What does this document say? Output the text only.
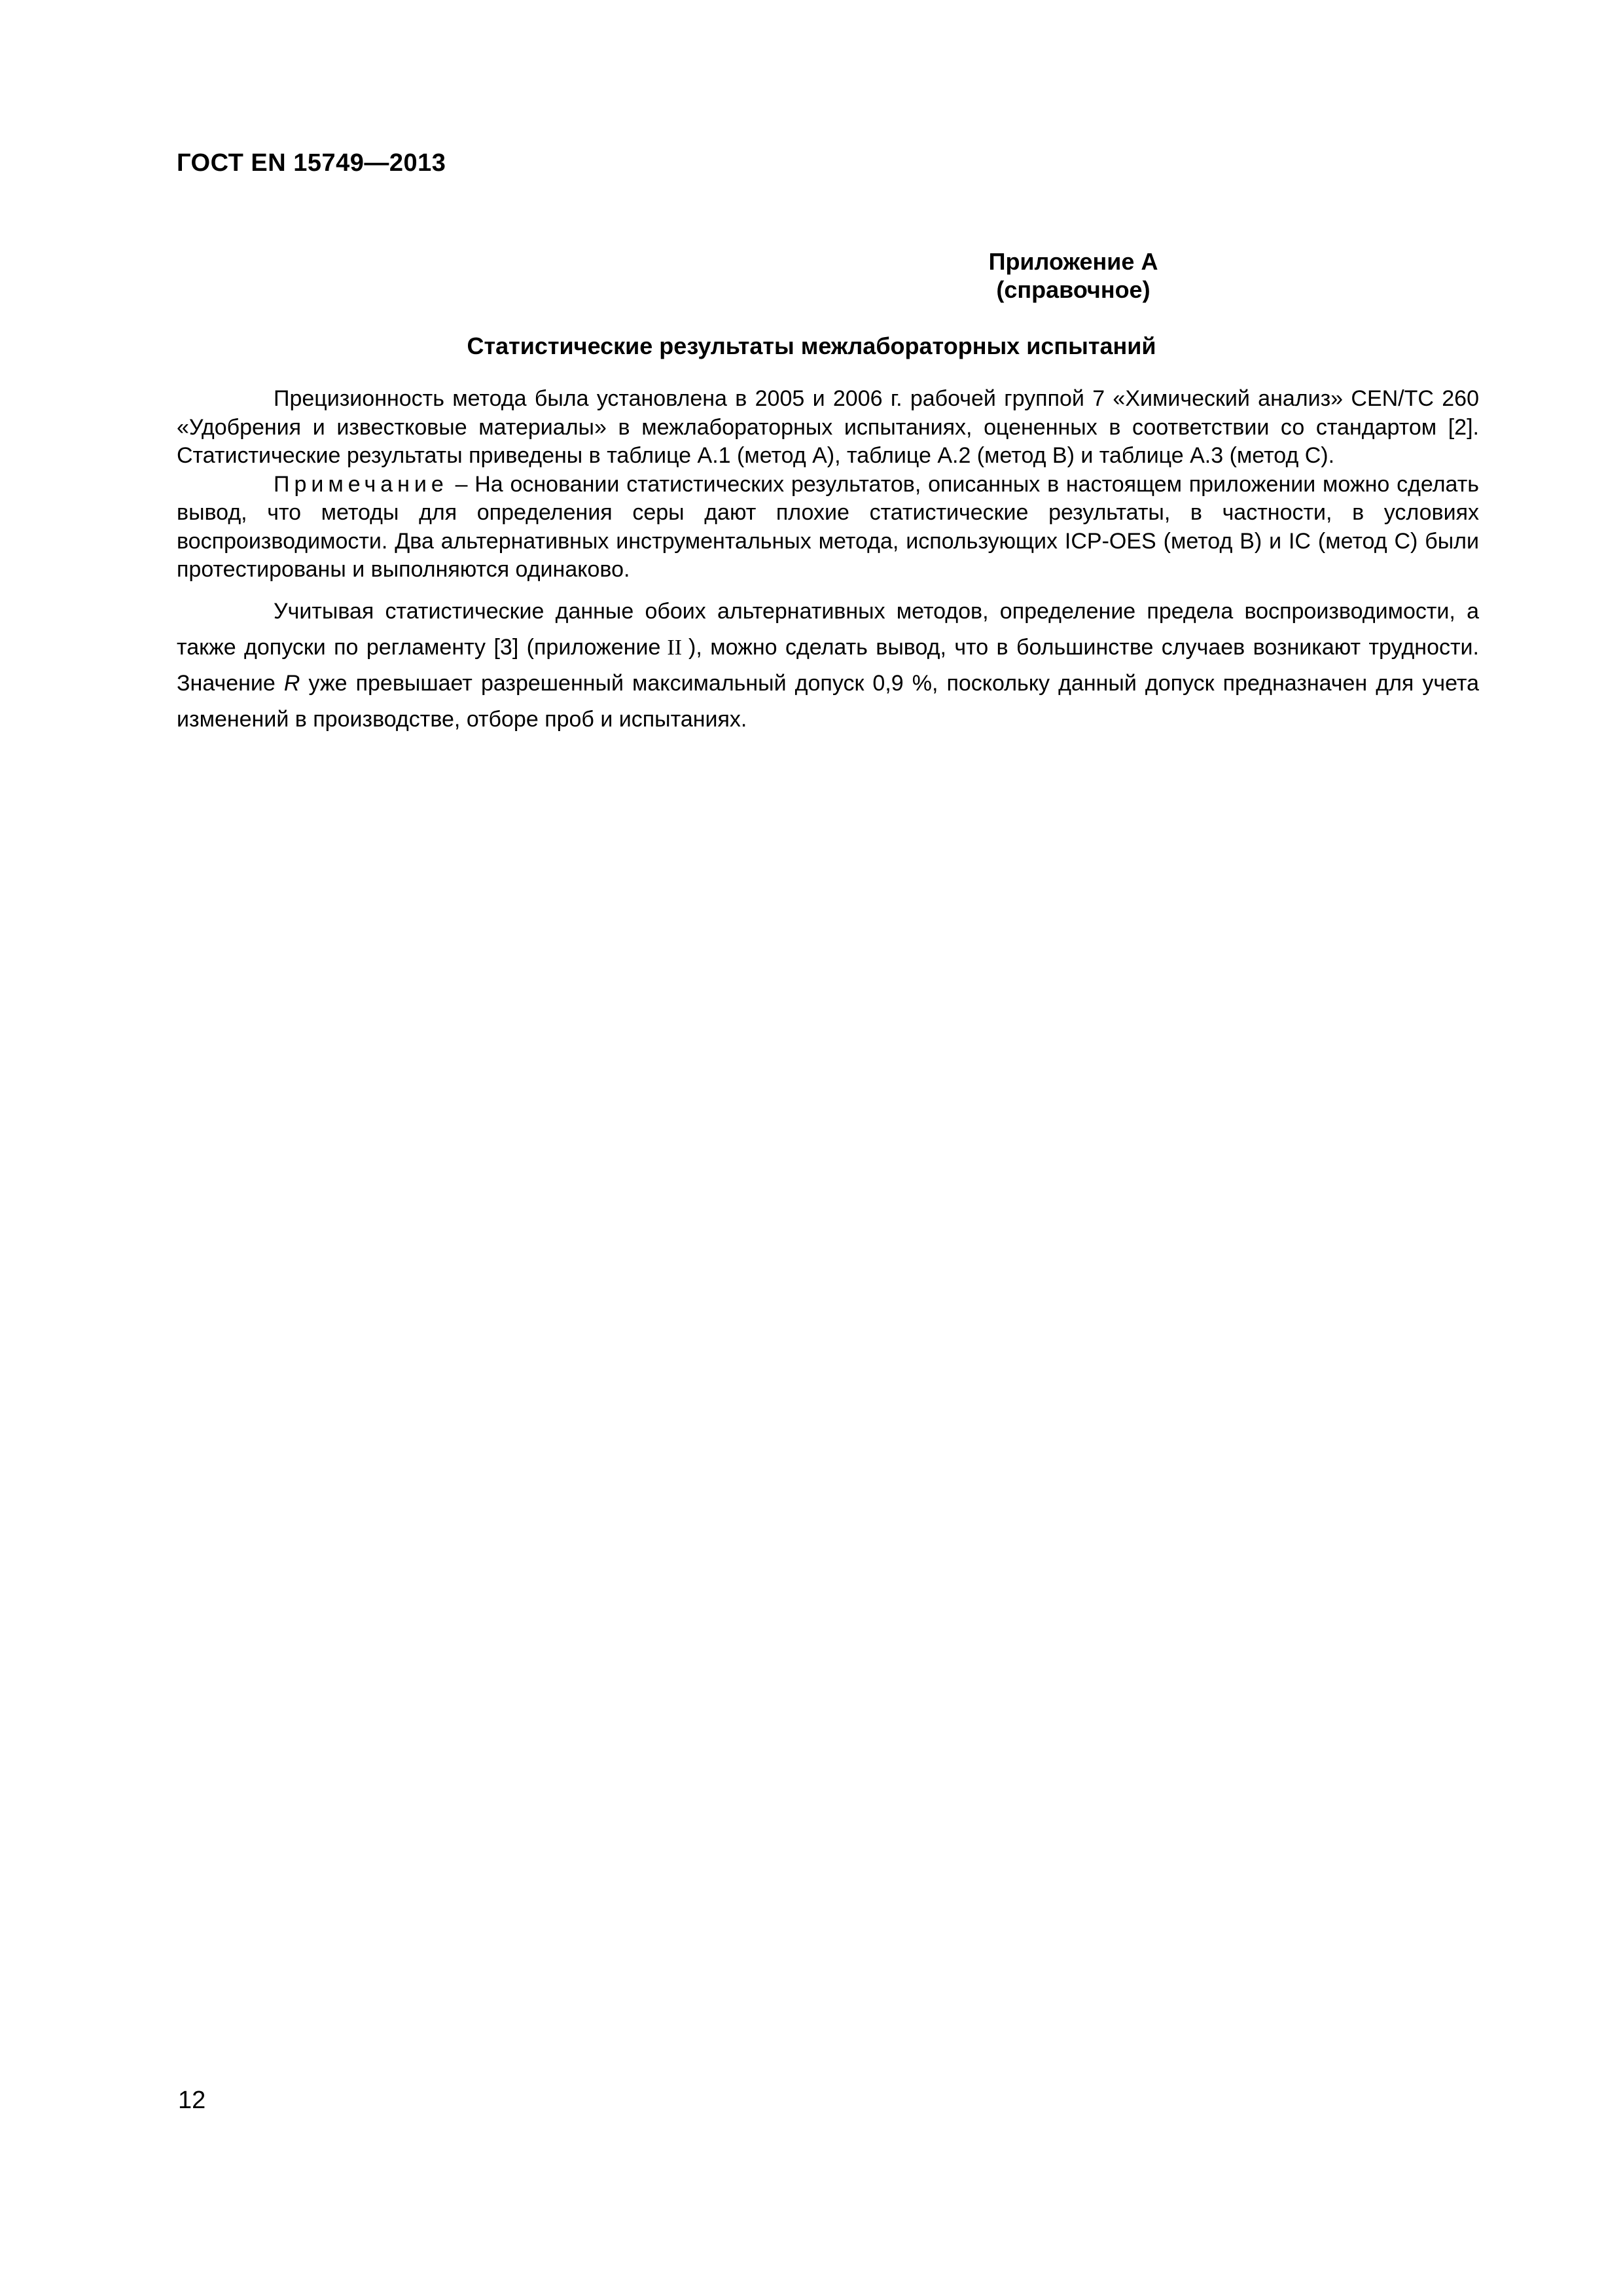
ГОСТ EN 15749—2013
Приложение А
(справочное)
Статистические результаты межлабораторных испытаний

Прецизионность метода была установлена в 2005 и 2006 г. рабочей группой 7 «Химический анализ» CEN/TC 260 «Удобрения и известковые материалы» в межлабораторных испытаниях, оцененных в соответствии со стандартом [2]. Статистические результаты приведены в таблице А.1 (метод А), таблице А.2 (метод В) и таблице А.3 (метод С).

Примечание – На основании статистических результатов, описанных в настоящем приложении можно сделать вывод, что методы для определения серы дают плохие статистические результаты, в частности, в условиях воспроизводимости. Два альтернативных инструментальных метода, использующих ICP-OES (метод В) и IC (метод С) были протестированы и выполняются одинаково.

Учитывая статистические данные обоих альтернативных методов, определение предела воспроизводимости, а также допуски по регламенту [3] (приложение II ), можно сделать вывод, что в большинстве случаев возникают трудности. Значение R уже превышает разрешенный максимальный допуск 0,9 %, поскольку данный допуск предназначен для учета изменений в производстве, отборе проб и испытаниях.

12
